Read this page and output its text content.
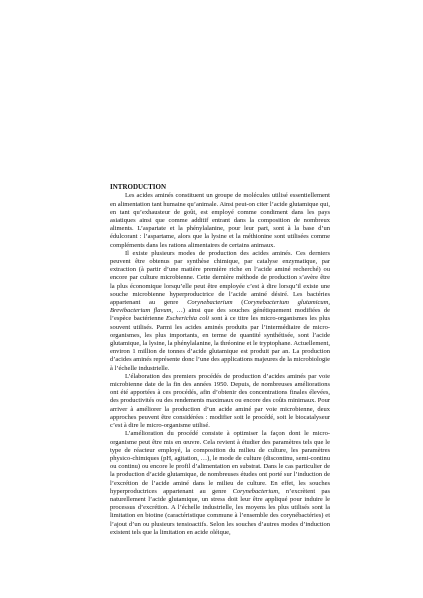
INTRODUCTION

Les acides aminés constituent un groupe de molécules utilisé essentiellement en alimentation tant humaine qu’animale. Ainsi peut-on citer l’acide glutamique qui, en tant qu’exhausteur de goût, est employé comme condiment dans les pays asiatiques ainsi que comme additif entrant dans la composition de nombreux aliments. L’aspartate et la phénylalanine, pour leur part, sont à la base d’un édulcorant : l’aspartame, alors que la lysine et la méthionine sont utilisées comme compléments dans les rations alimentaires de certains animaux.

Il existe plusieurs modes de production des acides aminés. Ces derniers peuvent être obtenus par synthèse chimique, par catalyse enzymatique, par extraction (à partir d’une matière première riche en l’acide aminé recherché) ou encore par culture microbienne. Cette dernière méthode de production s’avère être la plus économique lorsqu’elle peut être employée c’est à dire lorsqu’il existe une souche microbienne hyperproductrice de l’acide aminé désiré. Les bactéries appartenant au genre Corynebacterium (Corynebacterium glutamicum, Brevibacterium flavum, …) ainsi que des souches génétiquement modifiées de l’espèce bactérienne Escherichia coli sont à ce titre les micro-organismes les plus souvent utilisés. Parmi les acides aminés produits par l’intermédiaire de micro-organismes, les plus importants, en terme de quantité synthétisée, sont l’acide glutamique, la lysine, la phénylalanine, la thréonine et le tryptophane. Actuellement, environ 1 million de tonnes d’acide glutamique est produit par an. La production d’acides aminés représente donc l’une des applications majeures de la microbiologie à l’échelle industrielle.

L’élaboration des premiers procédés de production d’acides aminés par voie microbienne date de la fin des années 1950. Depuis, de nombreuses améliorations ont été apportées à ces procédés, afin d’obtenir des concentrations finales élevées, des productivités ou des rendements maximaux ou encore des coûts minimaux. Pour arriver à améliorer la production d’un acide aminé par voie microbienne, deux approches peuvent être considérées : modifier soit le procédé, soit le biocatalyseur c’est à dire le micro-organisme utilisé.

L’amélioration du procédé consiste à optimiser la façon dont le micro-organisme peut être mis en œuvre. Cela revient à étudier des paramètres tels que le type de réacteur employé, la composition du milieu de culture, les paramètres physico-chimiques (pH, agitation, …), le mode de culture (discontinu, semi-continu ou continu) ou encore le profil d’alimentation en substrat. Dans le cas particulier de la production d’acide glutamique, de nombreuses études ont porté sur l’induction de l’excrétion de l’acide aminé dans le milieu de culture. En effet, les souches hyperproductrices appartenant au genre Corynebacterium, n’excrètent pas naturellement l’acide glutamique, un stress doit leur être appliqué pour induire le processus d’excrétion. A l’échelle industrielle, les moyens les plus utilisés sont la limitation en biotine (caractéristique commune à l’ensemble des corynébactéries) et l’ajout d’un ou plusieurs tensioactifs. Selon les souches d’autres modes d’induction existent tels que la limitation en acide oléique,
